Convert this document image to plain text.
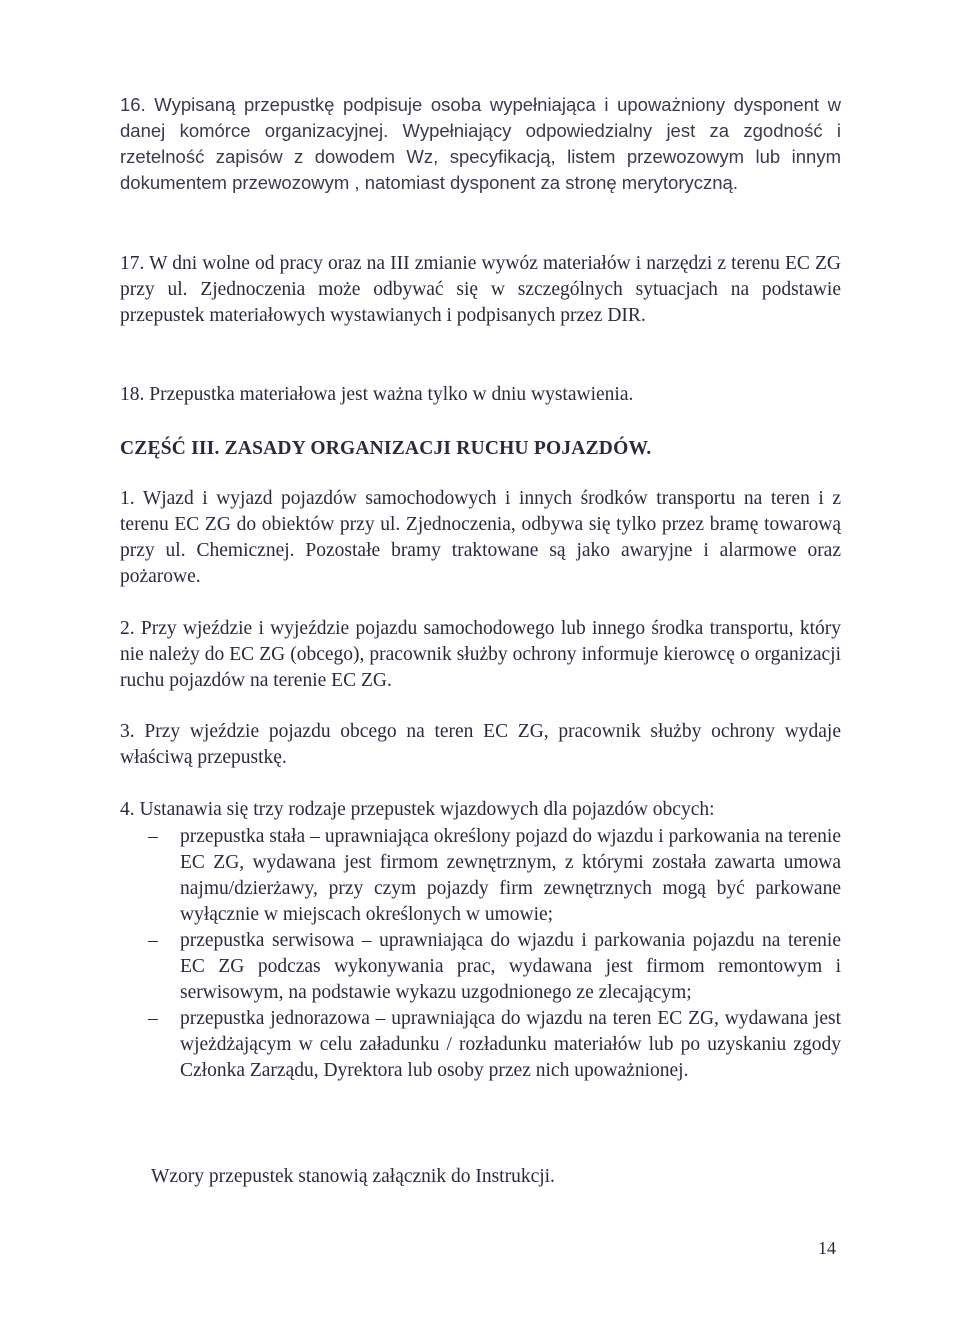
16. Wypisaną przepustkę podpisuje osoba wypełniająca i upoważniony dysponent w danej komórce organizacyjnej. Wypełniający odpowiedzialny jest za zgodność i rzetelność zapisów z dowodem Wz, specyfikacją, listem przewozowym lub innym dokumentem przewozowym , natomiast dysponent za stronę merytoryczną.

17. W dni wolne od pracy oraz na III zmianie wywóz materiałów i narzędzi z terenu EC ZG przy ul. Zjednoczenia może odbywać się w szczególnych sytuacjach na podstawie przepustek materiałowych wystawianych i podpisanych przez DIR.

18. Przepustka materiałowa jest ważna tylko w dniu wystawienia.

CZĘŚĆ III. ZASADY ORGANIZACJI RUCHU POJAZDÓW.

1. Wjazd i wyjazd pojazdów samochodowych i innych środków transportu na teren i z terenu EC ZG do obiektów przy ul. Zjednoczenia, odbywa się tylko przez bramę towarową przy ul. Chemicznej. Pozostałe bramy traktowane są jako awaryjne i alarmowe oraz pożarowe.

2. Przy wjeździe i wyjeździe pojazdu samochodowego lub innego środka transportu, który nie należy do EC ZG (obcego), pracownik służby ochrony informuje kierowcę o organizacji ruchu pojazdów na terenie EC ZG.

3. Przy wjeździe pojazdu obcego na teren EC ZG, pracownik służby ochrony wydaje właściwą przepustkę.

4. Ustanawia się trzy rodzaje przepustek wjazdowych dla pojazdów obcych:

– przepustka stała – uprawniająca określony pojazd do wjazdu i parkowania na terenie EC ZG, wydawana jest firmom zewnętrznym, z którymi została zawarta umowa najmu/dzierżawy, przy czym pojazdy firm zewnętrznych mogą być parkowane wyłącznie w miejscach określonych w umowie;
– przepustka serwisowa – uprawniająca do wjazdu i parkowania pojazdu na terenie EC ZG podczas wykonywania prac, wydawana jest firmom remontowym i serwisowym, na podstawie wykazu uzgodnionego ze zlecającym;
– przepustka jednorazowa – uprawniająca do wjazdu na teren EC ZG, wydawana jest wjeżdżającym w celu załadunku / rozładunku materiałów lub po uzyskaniu zgody Członka Zarządu, Dyrektora lub osoby przez nich upoważnionej.
Wzory przepustek stanowią załącznik do Instrukcji.
14
